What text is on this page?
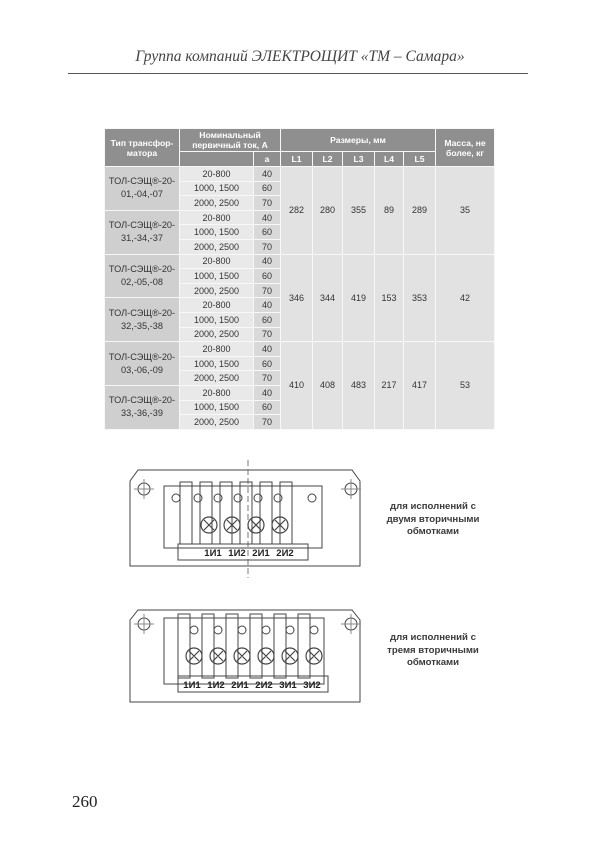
Группа компаний ЭЛЕКТРОЩИТ «ТМ – Самара»
Тип трансфор-матора	Номинальный первичный ток, А		Размеры, мм					Масса, не более, кг
		а	L1	L2	L3	L4	L5	
ТОЛ-СЭЩ®-20-01,-04,-07	20-800	40	282	280	355	89	289	35
	1000, 1500	60						
	2000, 2500	70						
ТОЛ-СЭЩ®-20-31,-34,-37	20-800	40						
	1000, 1500	60						
	2000, 2500	70						
ТОЛ-СЭЩ®-20-02,-05,-08	20-800	40	346	344	419	153	353	42
	1000, 1500	60						
	2000, 2500	70						
ТОЛ-СЭЩ®-20-32,-35,-38	20-800	40						
	1000, 1500	60						
	2000, 2500	70						
ТОЛ-СЭЩ®-20-03,-06,-09	20-800	40	410	408	483	217	417	53
	1000, 1500	60						
	2000, 2500	70						
ТОЛ-СЭЩ®-20-33,-36,-39	20-800	40						
	1000, 1500	60						
	2000, 2500	70						
1И1 1И2 2И1 2И2
для исполнений с двумя вторичными обмотками
1И1 1И2 2И1 2И2 3И1 3И2
для исполнений с тремя вторичными обмотками
260
